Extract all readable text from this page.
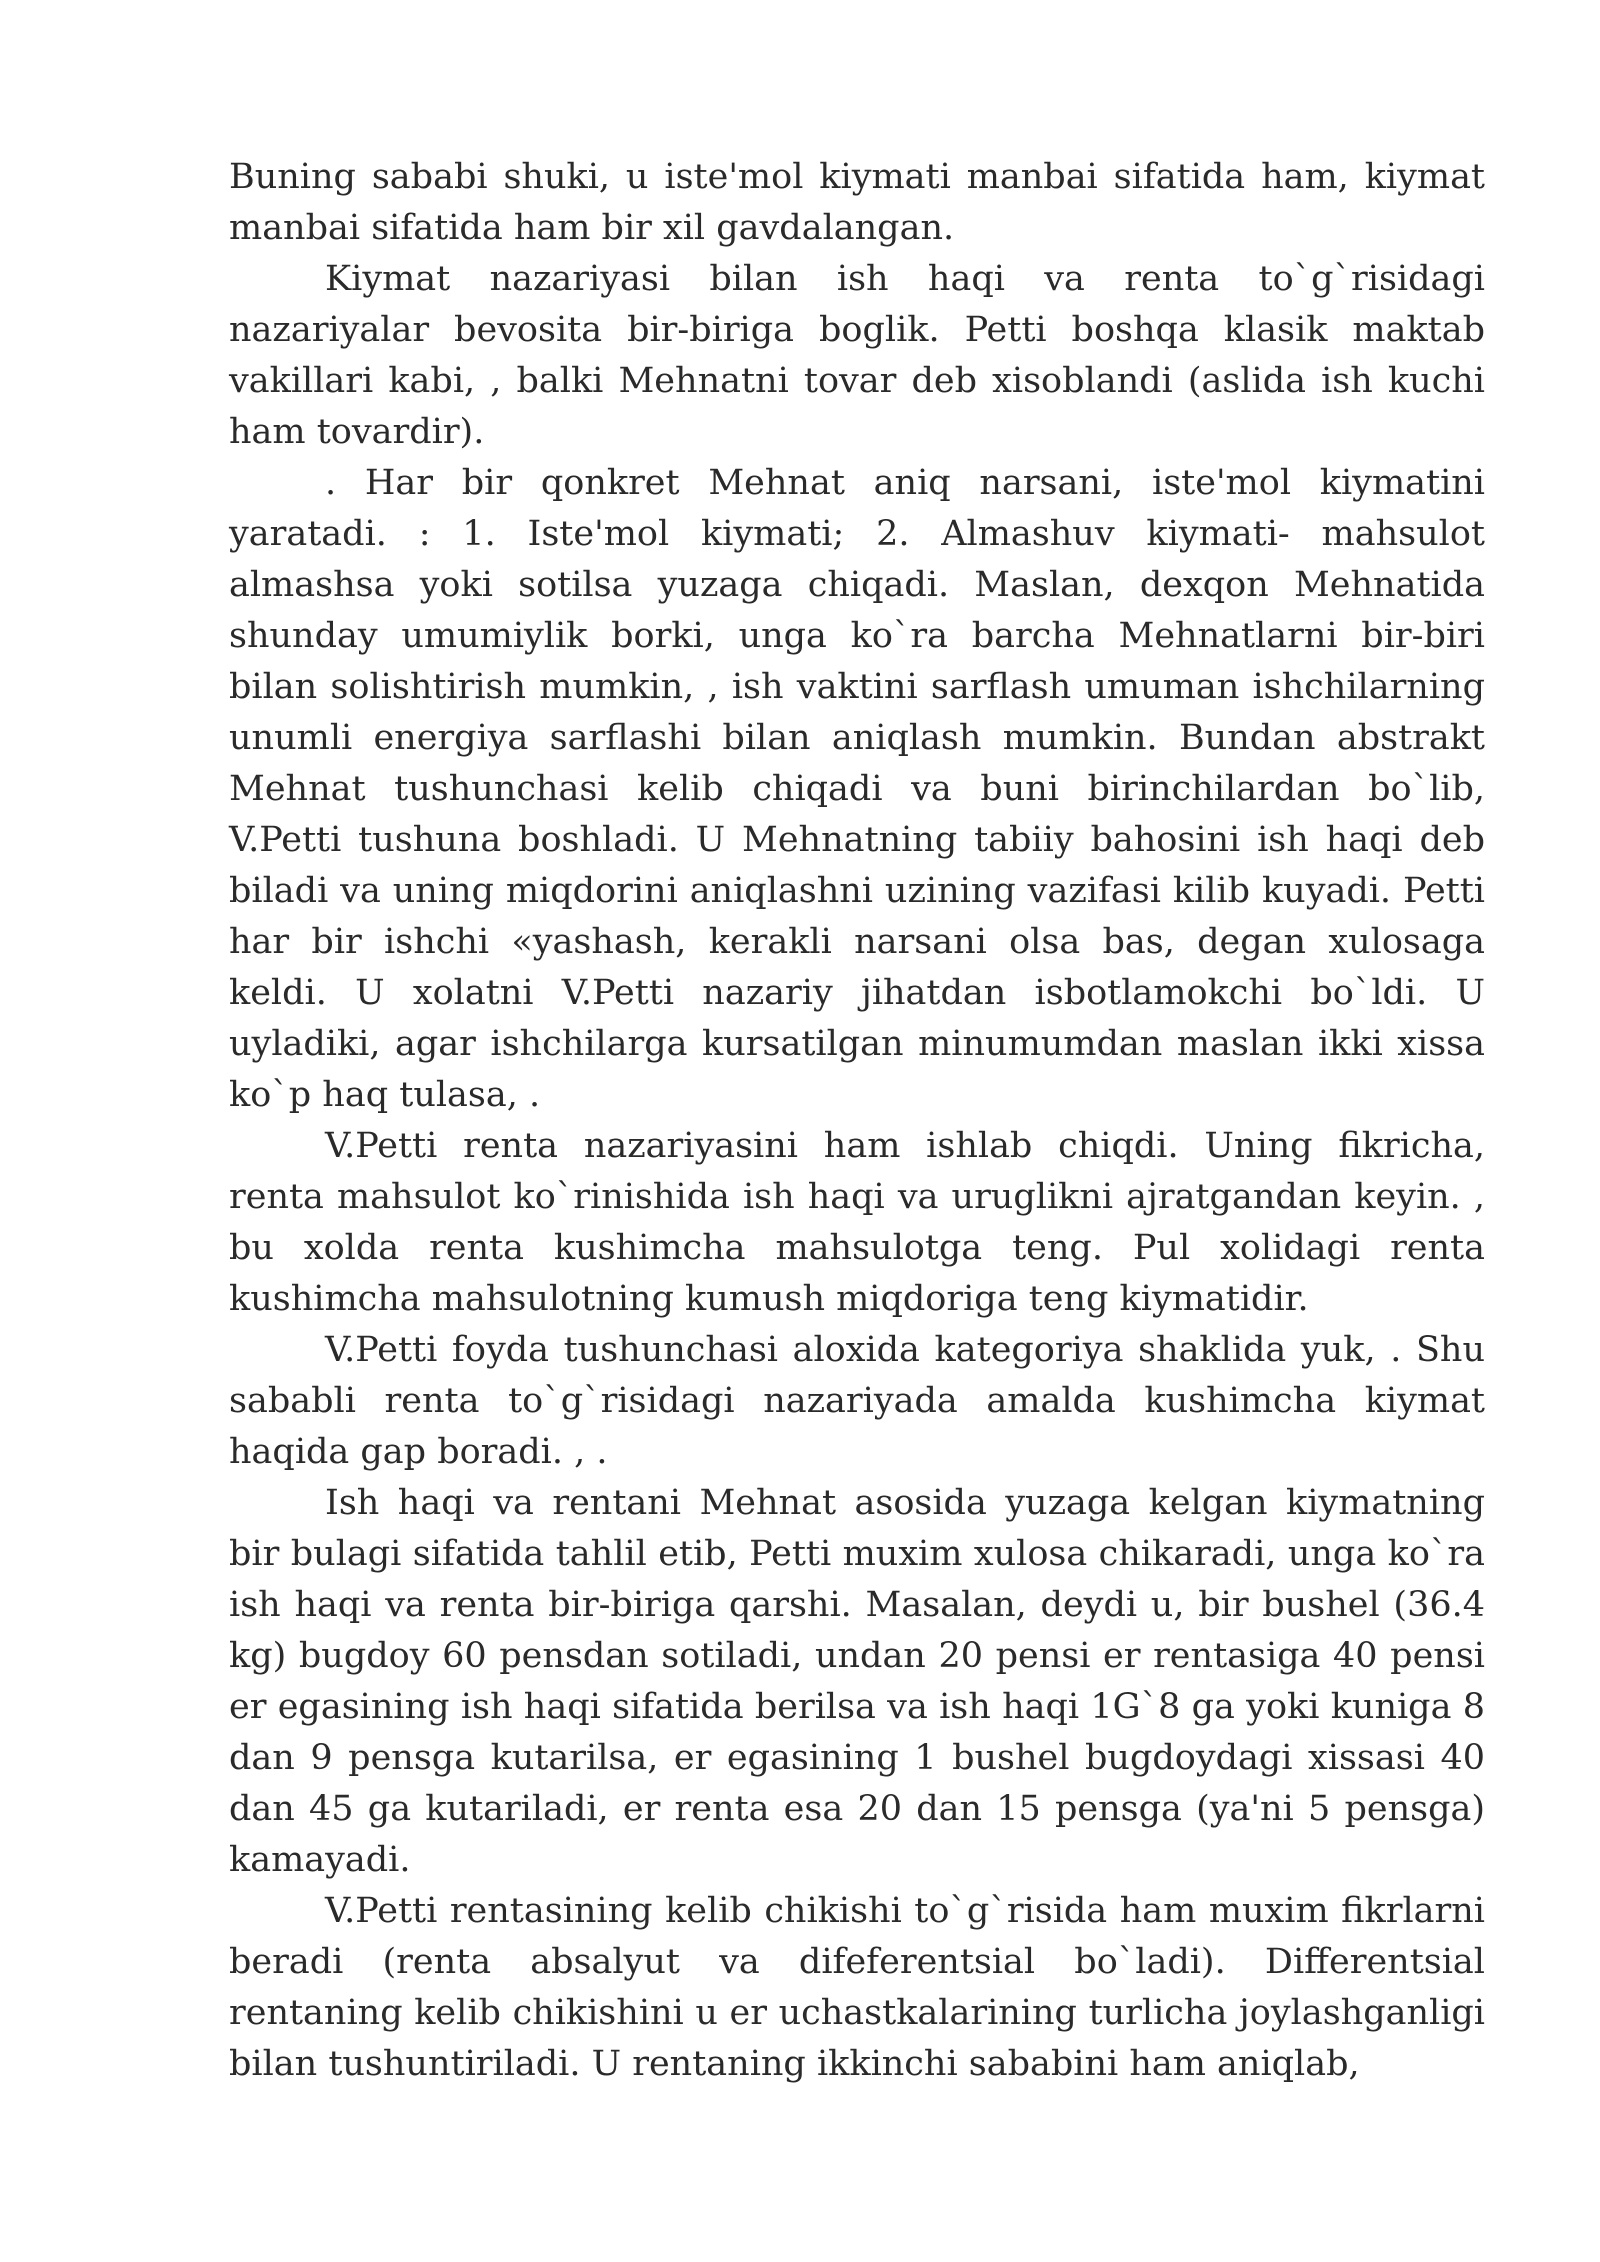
Buning sababi shuki, u iste'mol kiymati manbai sifatida ham, kiymat manbai sifatida ham bir xil gavdalangan.

Kiymat nazariyasi bilan ish haqi va renta to`g`risidagi nazariyalar bevosita bir-biriga boglik. Petti boshqa klasik maktab vakillari kabi, , balki Mehnatni tovar deb xisoblandi (aslida ish kuchi ham tovardir).

. Har bir qonkret Mehnat aniq narsani, iste'mol kiymatini yaratadi. : 1. Iste'mol kiymati; 2. Almashuv kiymati- mahsulot almashsa yoki sotilsa yuzaga chiqadi. Maslan, dexqon Mehnatida shunday umumiylik borki, unga ko`ra barcha Mehnatlarni bir-biri bilan solishtirish mumkin, , ish vaktini sarflash umuman ishchilarning unumli energiya sarflashi bilan aniqlash mumkin. Bundan abstrakt Mehnat tushunchasi kelib chiqadi va buni birinchilardan bo`lib, V.Petti tushuna boshladi. U Mehnatning tabiiy bahosini ish haqi deb biladi va uning miqdorini aniqlashni uzining vazifasi kilib kuyadi. Petti har bir ishchi «yashash, kerakli narsani olsa bas, degan xulosaga keldi. U xolatni V.Petti nazariy jihatdan isbotlamokchi bo`ldi. U uyladiki, agar ishchilarga kursatilgan minumumdan maslan ikki xissa ko`p haq tulasa, .

V.Petti renta nazariyasini ham ishlab chiqdi. Uning fikricha, renta mahsulot ko`rinishida ish haqi va uruglikni ajratgandan keyin. , bu xolda renta kushimcha mahsulotga teng. Pul xolidagi renta kushimcha mahsulotning kumush miqdoriga teng kiymatidir.

V.Petti foyda tushunchasi aloxida kategoriya shaklida yuk, . Shu sababli renta to`g`risidagi nazariyada amalda kushimcha kiymat haqida gap boradi. , .

Ish haqi va rentani Mehnat asosida yuzaga kelgan kiymatning bir bulagi sifatida tahlil etib, Petti muxim xulosa chikaradi, unga ko`ra ish haqi va renta bir-biriga qarshi. Masalan, deydi u, bir bushel (36.4 kg) bugdoy 60 pensdan sotiladi, undan 20 pensi er rentasiga 40 pensi er egasining ish haqi sifatida berilsa va ish haqi 1G`8 ga yoki kuniga 8 dan 9 pensga kutarilsa, er egasining 1 bushel bugdoydagi xissasi 40 dan 45 ga kutariladi, er renta esa 20 dan 15 pensga (ya'ni 5 pensga) kamayadi.

V.Petti rentasining kelib chikishi to`g`risida ham muxim fikrlarni beradi (renta absalyut va difeferentsial bo`ladi). Differentsial rentaning kelib chikishini u er uchastkalarining turlicha joylashganligi bilan tushuntiriladi. U rentaning ikkinchi sababini ham aniqlab,
